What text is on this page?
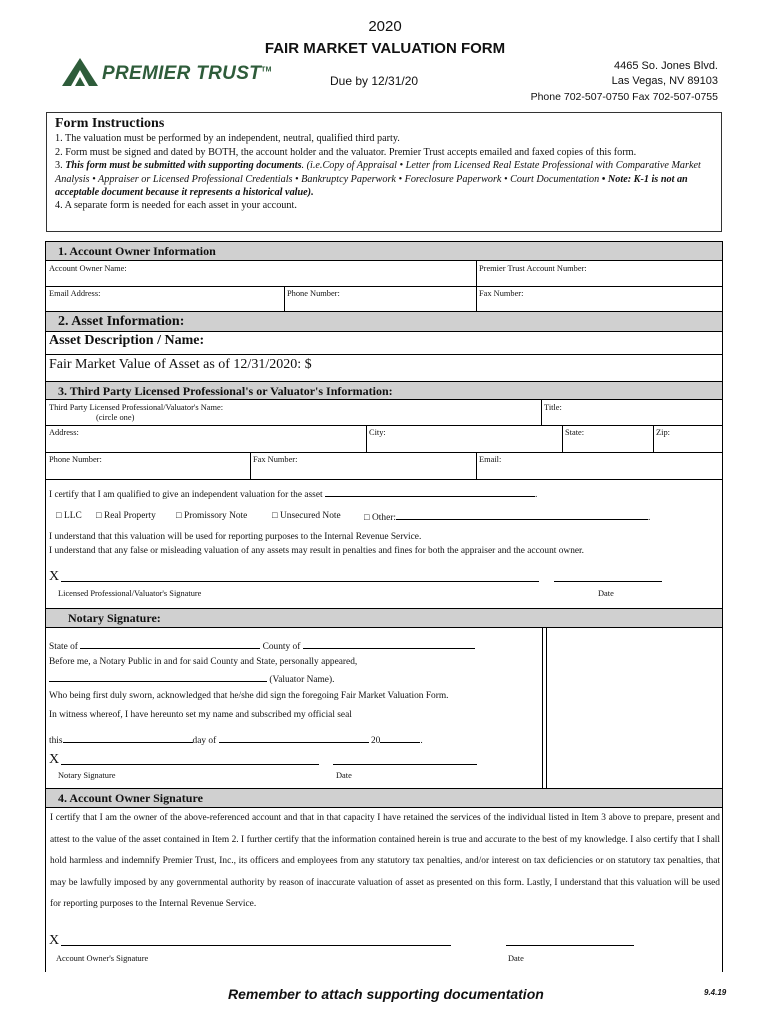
2020
FAIR MARKET VALUATION FORM
Due by 12/31/20
PREMIER TRUST™	4465 So. Jones Blvd.
Las Vegas, NV 89103
Phone 702-507-0750 Fax 702-507-0755
Form Instructions
1. The valuation must be performed by an independent, neutral, qualified third party.
2. Form must be signed and dated by BOTH, the account holder and the valuator. Premier Trust accepts emailed and faxed copies of this form.
3. This form must be submitted with supporting documents. (i.e.Copy of Appraisal • Letter from Licensed Real Estate Professional with Comparative Market Analysis • Appraiser or Licensed Professional Credentials • Bankruptcy Paperwork • Foreclosure Paperwork • Court Documentation • Note: K-1 is not an acceptable document because it represents a historical value).
4. A separate form is needed for each asset in your account.
1. Account Owner Information
Account Owner Name:	Premier Trust Account Number:
Email Address:	Phone Number:	Fax Number:
2. Asset Information:
Asset Description / Name:
Fair Market Value of Asset as of 12/31/2020: $
3. Third Party Licensed Professional's or Valuator's Information:
Third Party Licensed Professional/Valuator's Name:
(circle one)
Title:
Address:	City:	State:	Zip:
Phone Number:	Fax Number:	Email:
I certify that I am qualified to give an independent valuation for the asset	.
□ LLC □ Real Property □ Promissory Note	□ Unsecured Note □ Other:	.
I understand that this valuation will be used for reporting purposes to the Internal Revenue Service.
I understand that any false or misleading valuation of any assets may result in penalties and fines for both the appraiser and the account owner.
X
Licensed Professional/Valuator's Signature	Date
Notary Signature:
State of	County of
Before me, a Notary Public in and for said County and State, personally appeared,
(Valuator Name).
Who being first duly sworn, acknowledged that he/she did sign the foregoing Fair Market Valuation Form.
In witness whereof, I have hereunto set my name and subscribed my official seal
this	day of	20	.
X
Notary Signature	Date
4. Account Owner Signature
I certify that I am the owner of the above-referenced account and that in that capacity I have retained the services of the individual listed in Item 3 above to prepare, present and attest to the value of the asset contained in Item 2. I further certify that the information contained herein is true and accurate to the best of my knowledge. I also certify that I shall hold harmless and indemnify Premier Trust, Inc., its officers and employees from any statutory tax penalties, and/or interest on tax deficiencies or on statutory tax penalties, that may be lawfully imposed by any governmental authority by reason of inaccurate valuation of asset as presented on this form. Lastly, I understand that this valuation will be used for reporting purposes to the Internal Revenue Service.
X
Account Owner's Signature	Date
Remember to attach supporting documentation	9.4.19
